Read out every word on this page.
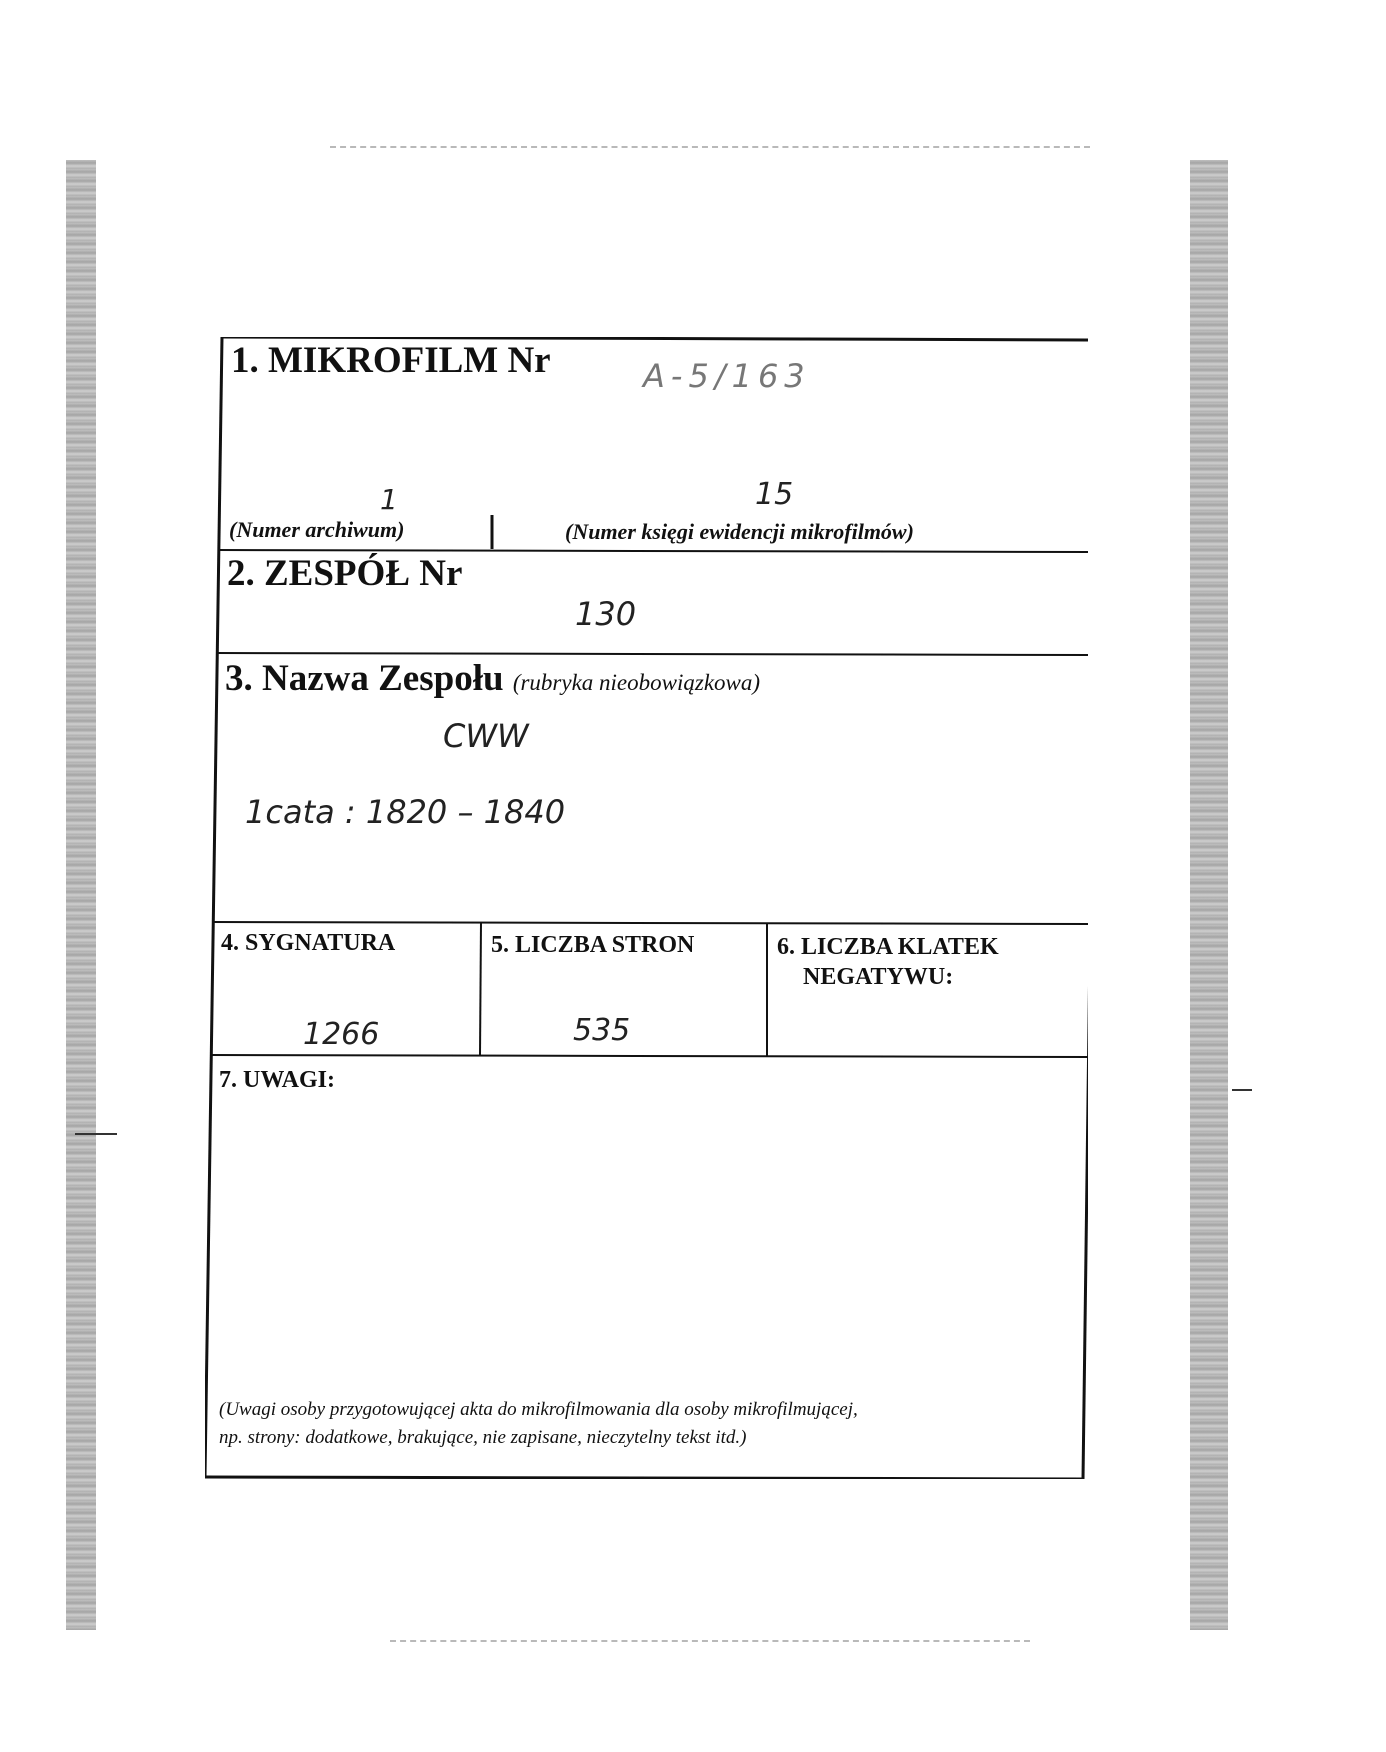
1. MIKROFILM Nr	A-5/163
1	15
(Numer archiwum)	(Numer księgi ewidencji mikrofilmów)
2. ZESPÓŁ Nr
130
3. Nazwa Zespołu (rubryka nieobowiązkowa)
CWW
1cata : 1820 – 1840
4. SYGNATURA
1266
5. LICZBA STRON
535
6. LICZBA KLATEK
NEGATYWU:
7. UWAGI:
(Uwagi osoby przygotowującej akta do mikrofilmowania dla osoby mikrofilmującej,
np. strony: dodatkowe, brakujące, nie zapisane, nieczytelny tekst itd.)
